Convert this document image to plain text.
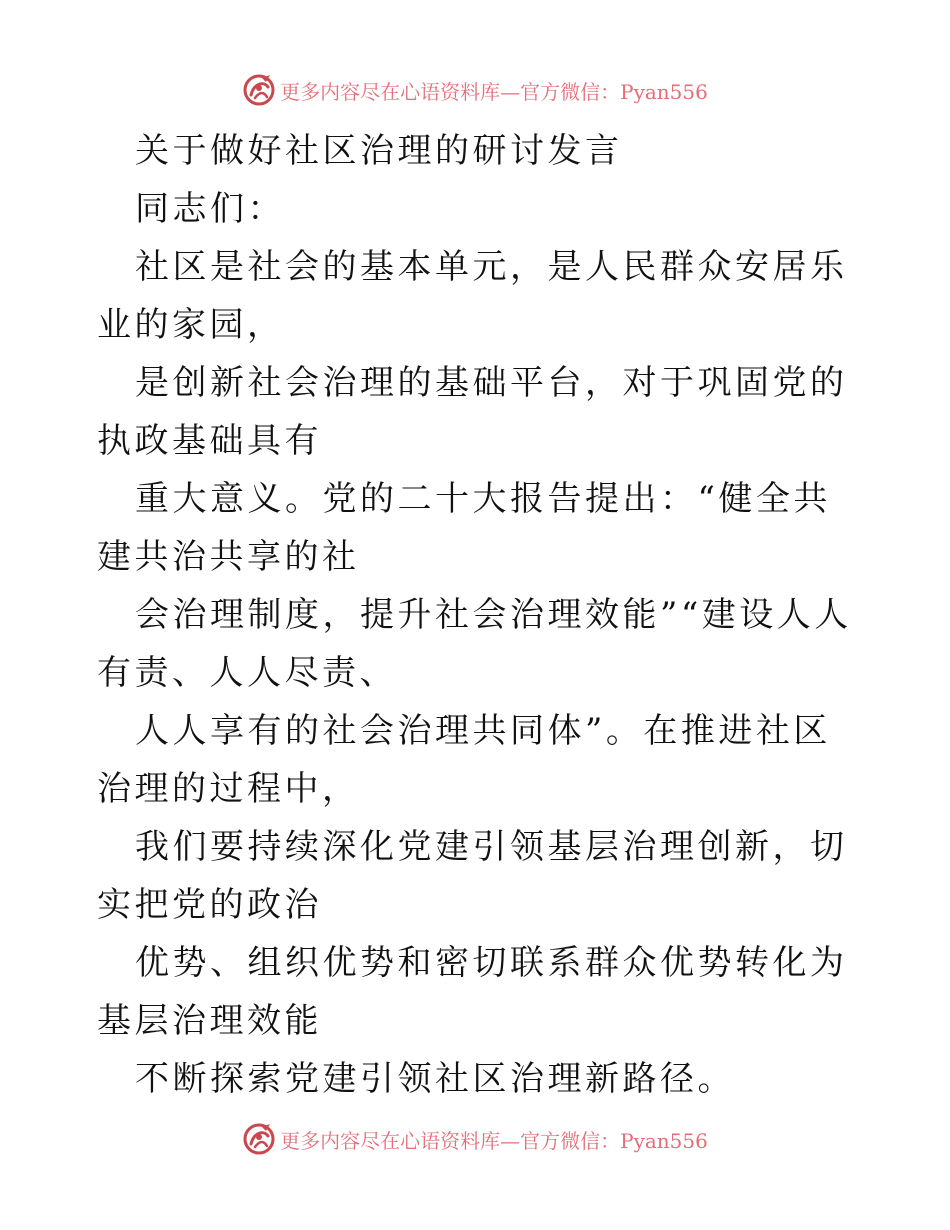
更多内容尽在心语资料库—官方微信：Pyan556

关于做好社区治理的研讨发言

同志们：

社区是社会的基本单元，是人民群众安居乐业的家园，

是创新社会治理的基础平台，对于巩固党的执政基础具有

重大意义。党的二十大报告提出：“健全共建共治共享的社

会治理制度，提升社会治理效能”“建设人人有责、人人尽责、

人人享有的社会治理共同体”。在推进社区治理的过程中，

我们要持续深化党建引领基层治理创新，切实把党的政治

优势、组织优势和密切联系群众优势转化为基层治理效能

不断探索党建引领社区治理新路径。

更多内容尽在心语资料库—官方微信：Pyan556
